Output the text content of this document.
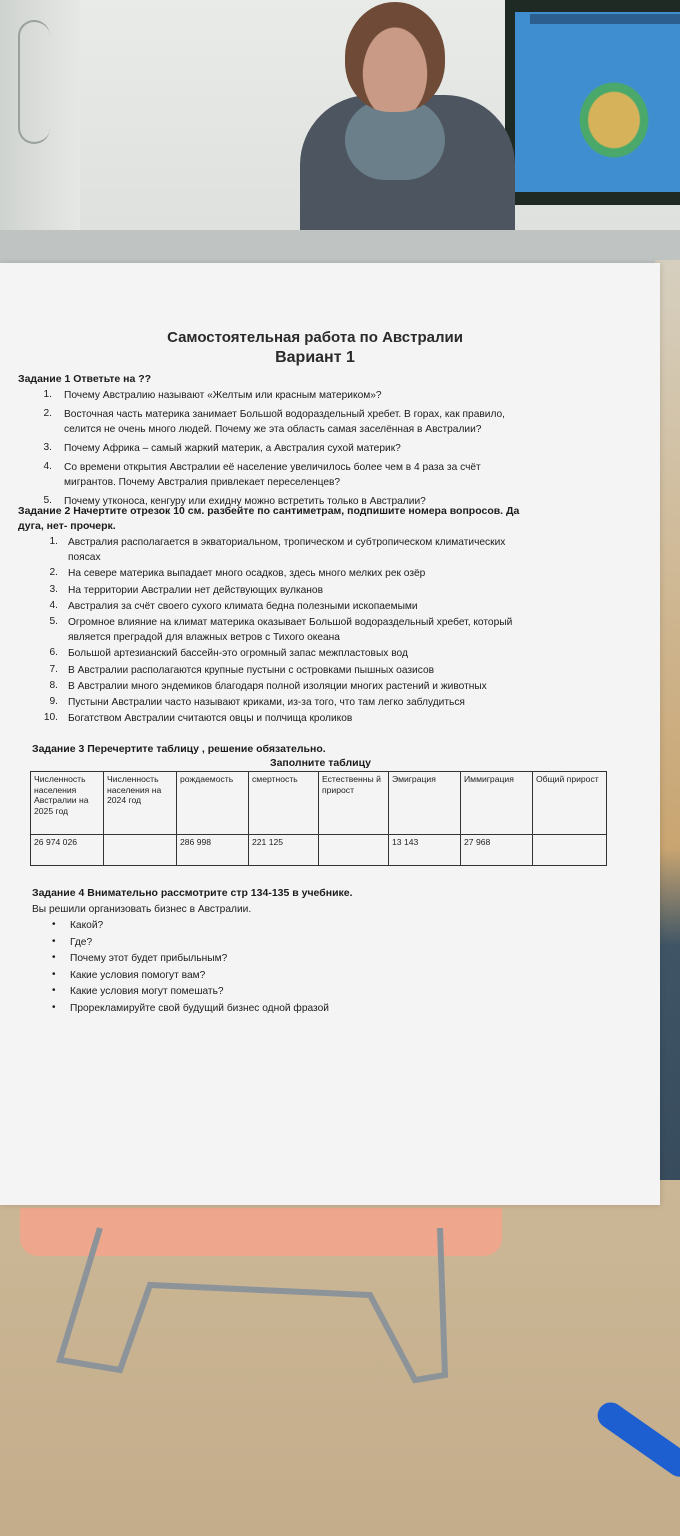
Самостоятельная работа по Австралии
Вариант 1
Задание 1 Ответьте на ??
1. Почему Австралию называют «Желтым или красным материком»?
2. Восточная часть материка занимает Большой водораздельный хребет. В горах, как правило,
селится не очень много людей. Почему же эта область самая заселённая в Австралии?
3. Почему Африка – самый жаркий материк, а Австралия сухой материк?
4. Со времени открытия Австралии её население увеличилось более чем в 4 раза за счёт
мигрантов. Почему Австралия привлекает переселенцев?
5. Почему утконоса, кенгуру или ехидну можно встретить только в Австралии?
Задание 2 Начертите отрезок 10 см. разбейте по сантиметрам, подпишите номера вопросов. Да
дуга, нет- прочерк.
1. Австралия располагается в экваториальном, тропическом и субтропическом климатических
поясах
2. На севере материка выпадает много осадков, здесь много мелких рек озёр
3. На территории Австралии нет действующих вулканов
4. Австралия за счёт своего сухого климата бедна полезными ископаемыми
5. Огромное влияние на климат материка оказывает Большой водораздельный хребет, который
является преградой для влажных ветров с Тихого океана
6. Большой артезианский бассейн-это огромный запас межпластовых вод
7. В Австралии располагаются крупные пустыни с островками пышных оазисов
8. В Австралии много эндемиков благодаря полной изоляции многих растений и животных
9. Пустыни Австралии часто называют криками, из-за того, что там легко заблудиться
10. Богатством Австралии считаются овцы и полчища кроликов
Задание 3 Перечертите таблицу , решение обязательно.
Заполните таблицу
Численность населения Австралии на 2025 год	Численность населения на 2024 год	рождаемость	смертность	Естественны й прирост	Эмиграция	Иммиграция	Общий прирост
26 974 026		286 998	221 125		13 143	27 968	
Задание 4 Внимательно рассмотрите стр 134-135 в учебнике.
Вы решили организовать бизнес в Австралии.
• Какой?
• Где?
• Почему этот будет прибыльным?
• Какие условия помогут вам?
• Какие условия могут помешать?
• Прорекламируйте свой будущий бизнес одной фразой
